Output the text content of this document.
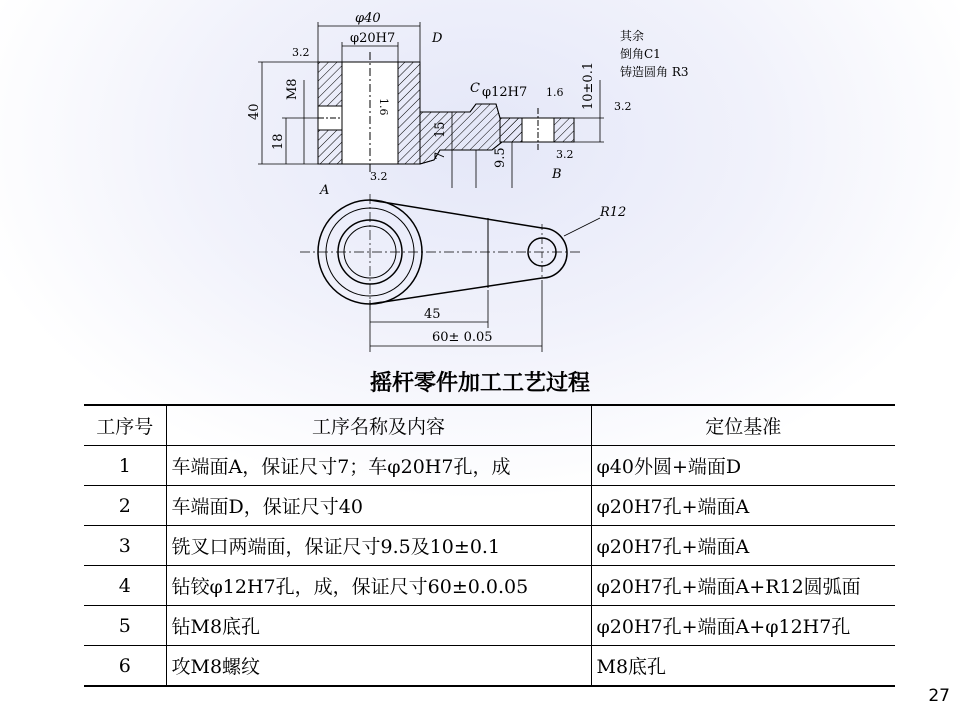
φ40
φ20H7	D
3.2
M8
40
18
1.6
A
3.2
C φ12H7 1.6 10±0.1 3.2
15
7	9.5	3.2
B
其余
倒角C1
铸造圆角 R3
R12
45
60± 0.05
摇杆零件加工工艺过程
工序号	工序名称及内容	定位基准
1	车端面A，保证尺寸7；车φ20H7孔，成	φ40外圆+端面D
2	车端面D，保证尺寸40	φ20H7孔+端面A
3	铣叉口两端面，保证尺寸9.5及10±0.1	φ20H7孔+端面A
4	钻铰φ12H7孔，成，保证尺寸60±0.0.05	φ20H7孔+端面A+R12圆弧面
5	钻M8底孔	φ20H7孔+端面A+φ12H7孔
6	攻M8螺纹	M8底孔
27
